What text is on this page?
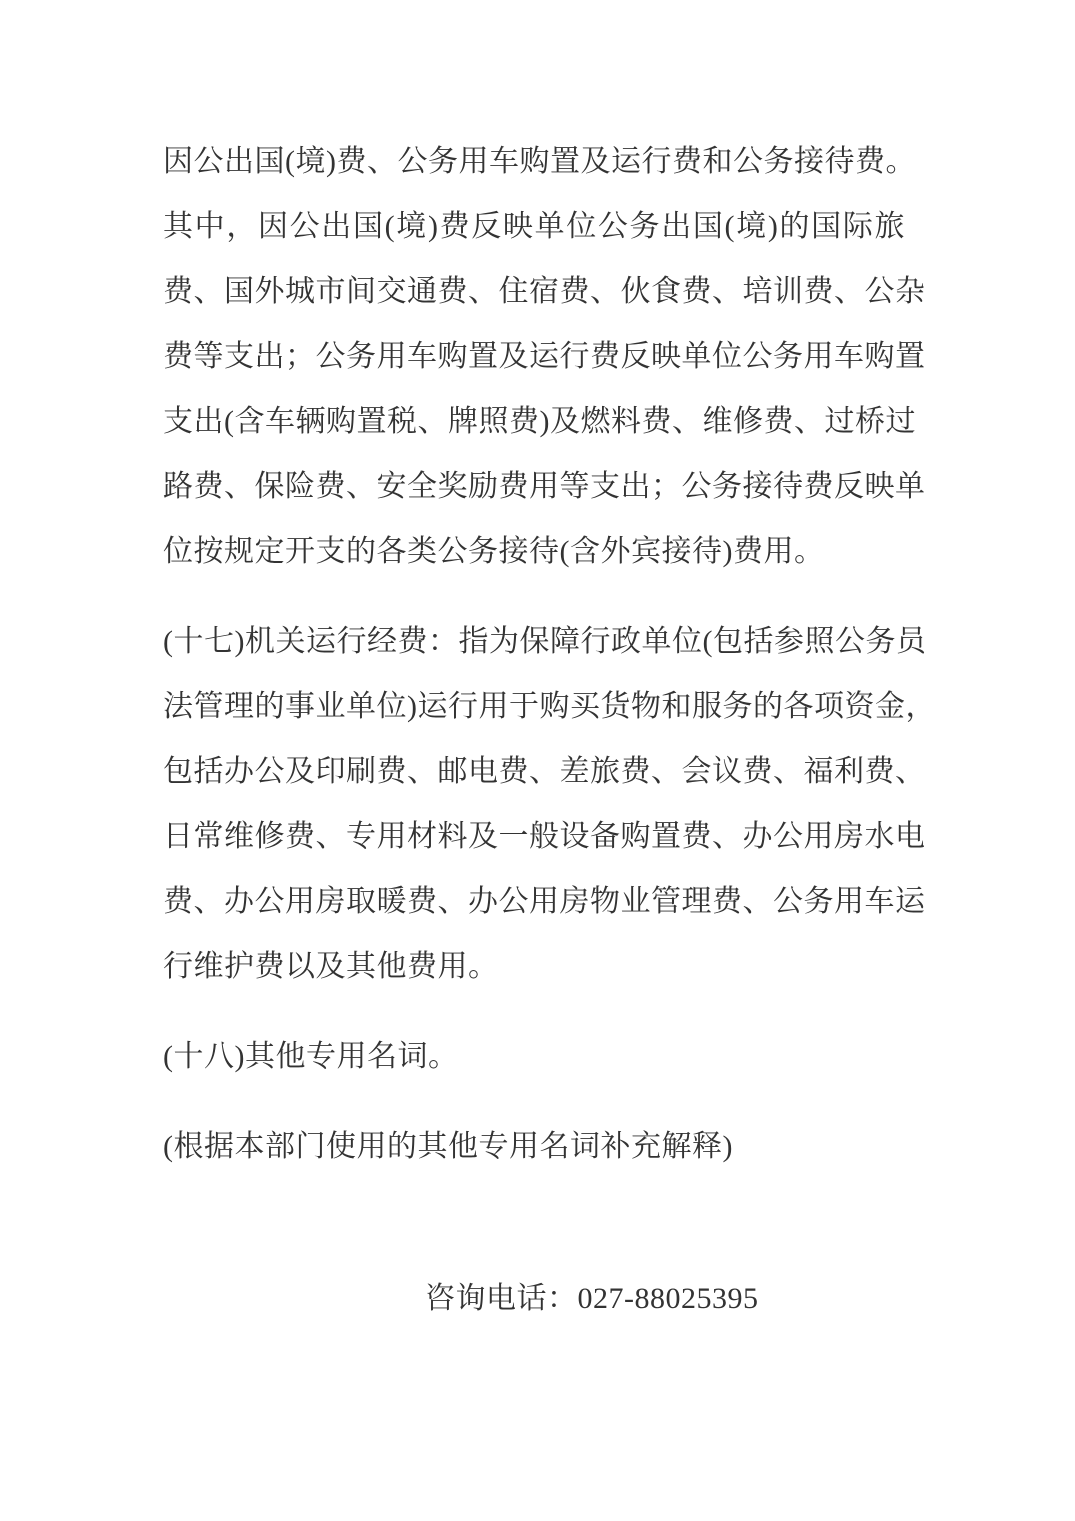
因公出国(境)费、公务用车购置及运行费和公务接待费。
其中，因公出国(境)费反映单位公务出国(境)的国际旅
费、国外城市间交通费、住宿费、伙食费、培训费、公杂
费等支出；公务用车购置及运行费反映单位公务用车购置
支出(含车辆购置税、牌照费)及燃料费、维修费、过桥过
路费、保险费、安全奖励费用等支出；公务接待费反映单
位按规定开支的各类公务接待(含外宾接待)费用。
(十七)机关运行经费：指为保障行政单位(包括参照公务员
法管理的事业单位)运行用于购买货物和服务的各项资金，
包括办公及印刷费、邮电费、差旅费、会议费、福利费、
日常维修费、专用材料及一般设备购置费、办公用房水电
费、办公用房取暖费、办公用房物业管理费、公务用车运
行维护费以及其他费用。
(十八)其他专用名词。
(根据本部门使用的其他专用名词补充解释)
咨询电话：027-88025395
